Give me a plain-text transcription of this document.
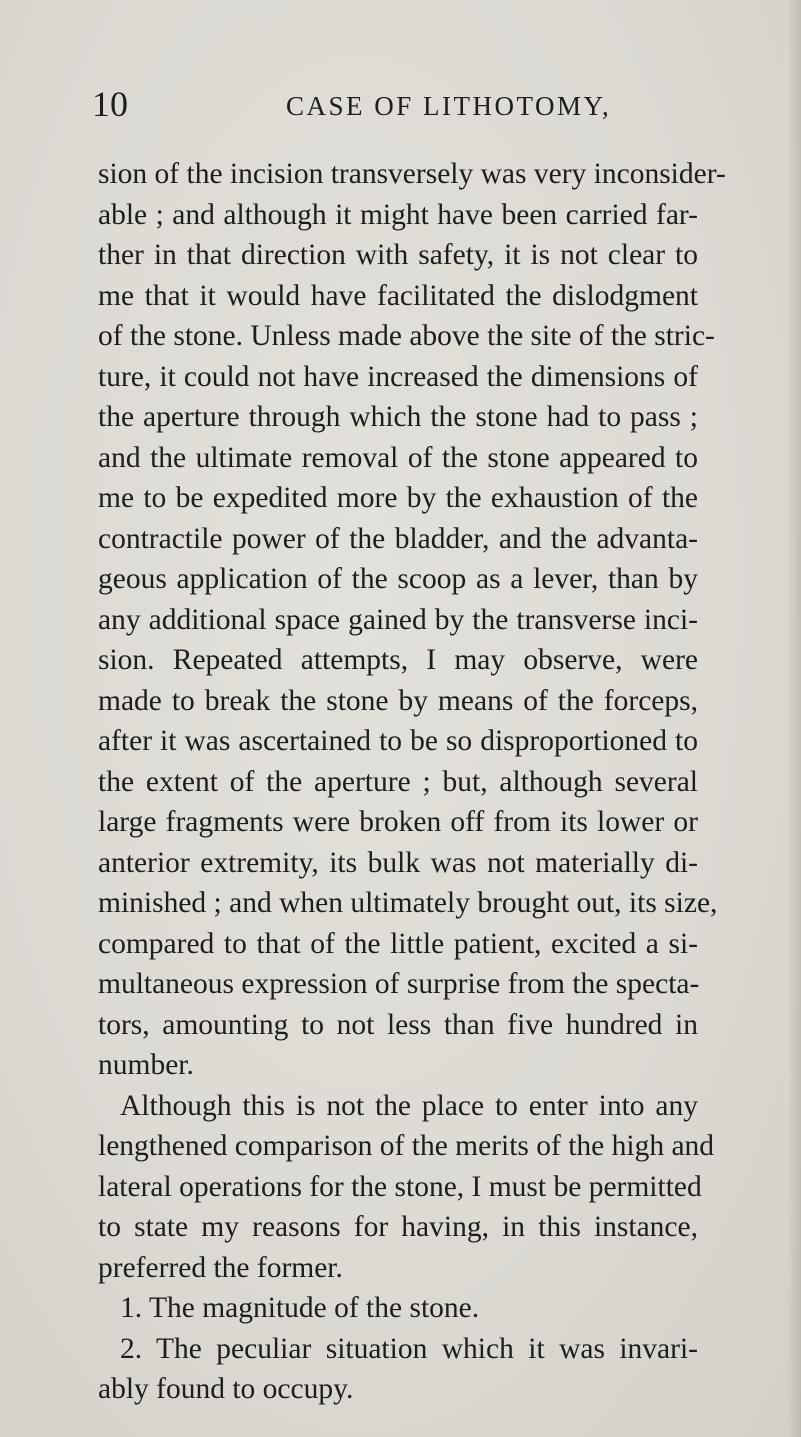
10	CASE OF LITHOTOMY,
sion of the incision transversely was very inconsider-
able ; and although it might have been carried far-
ther in that direction with safety, it is not clear to
me that it would have facilitated the dislodgment
of the stone. Unless made above the site of the stric-
ture, it could not have increased the dimensions of
the aperture through which the stone had to pass ;
and the ultimate removal of the stone appeared to
me to be expedited more by the exhaustion of the
contractile power of the bladder, and the advanta-
geous application of the scoop as a lever, than by
any additional space gained by the transverse inci-
sion. Repeated attempts, I may observe, were
made to break the stone by means of the forceps,
after it was ascertained to be so disproportioned to
the extent of the aperture ; but, although several
large fragments were broken off from its lower or
anterior extremity, its bulk was not materially di-
minished ; and when ultimately brought out, its size,
compared to that of the little patient, excited a si-
multaneous expression of surprise from the specta-
tors, amounting to not less than five hundred in
number.
Although this is not the place to enter into any
lengthened comparison of the merits of the high and
lateral operations for the stone, I must be permitted
to state my reasons for having, in this instance,
preferred the former.
1. The magnitude of the stone.
2. The peculiar situation which it was invari-
ably found to occupy.
